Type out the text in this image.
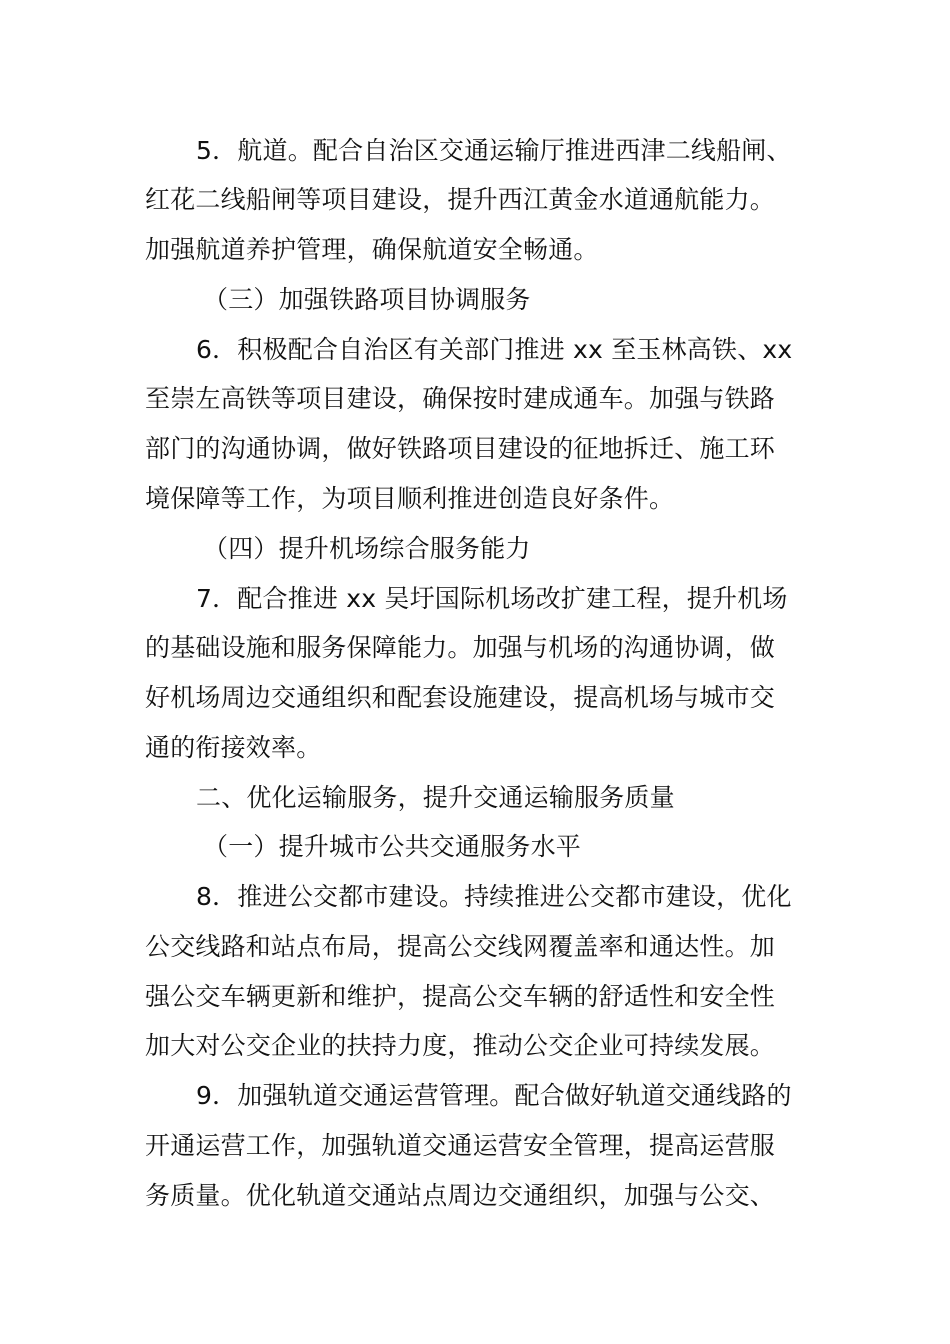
5．航道。配合自治区交通运输厅推进西津二线船闸、
红花二线船闸等项目建设，提升西江黄金水道通航能力。
加强航道养护管理，确保航道安全畅通。
（三）加强铁路项目协调服务
6．积极配合自治区有关部门推进 xx 至玉林高铁、xx
至崇左高铁等项目建设，确保按时建成通车。加强与铁路
部门的沟通协调，做好铁路项目建设的征地拆迁、施工环
境保障等工作，为项目顺利推进创造良好条件。
（四）提升机场综合服务能力
7．配合推进 xx 吴圩国际机场改扩建工程，提升机场
的基础设施和服务保障能力。加强与机场的沟通协调，做
好机场周边交通组织和配套设施建设，提高机场与城市交
通的衔接效率。
二、优化运输服务，提升交通运输服务质量
（一）提升城市公共交通服务水平
8．推进公交都市建设。持续推进公交都市建设，优化
公交线路和站点布局，提高公交线网覆盖率和通达性。加
强公交车辆更新和维护，提高公交车辆的舒适性和安全性
加大对公交企业的扶持力度，推动公交企业可持续发展。
9．加强轨道交通运营管理。配合做好轨道交通线路的
开通运营工作，加强轨道交通运营安全管理，提高运营服
务质量。优化轨道交通站点周边交通组织，加强与公交、
